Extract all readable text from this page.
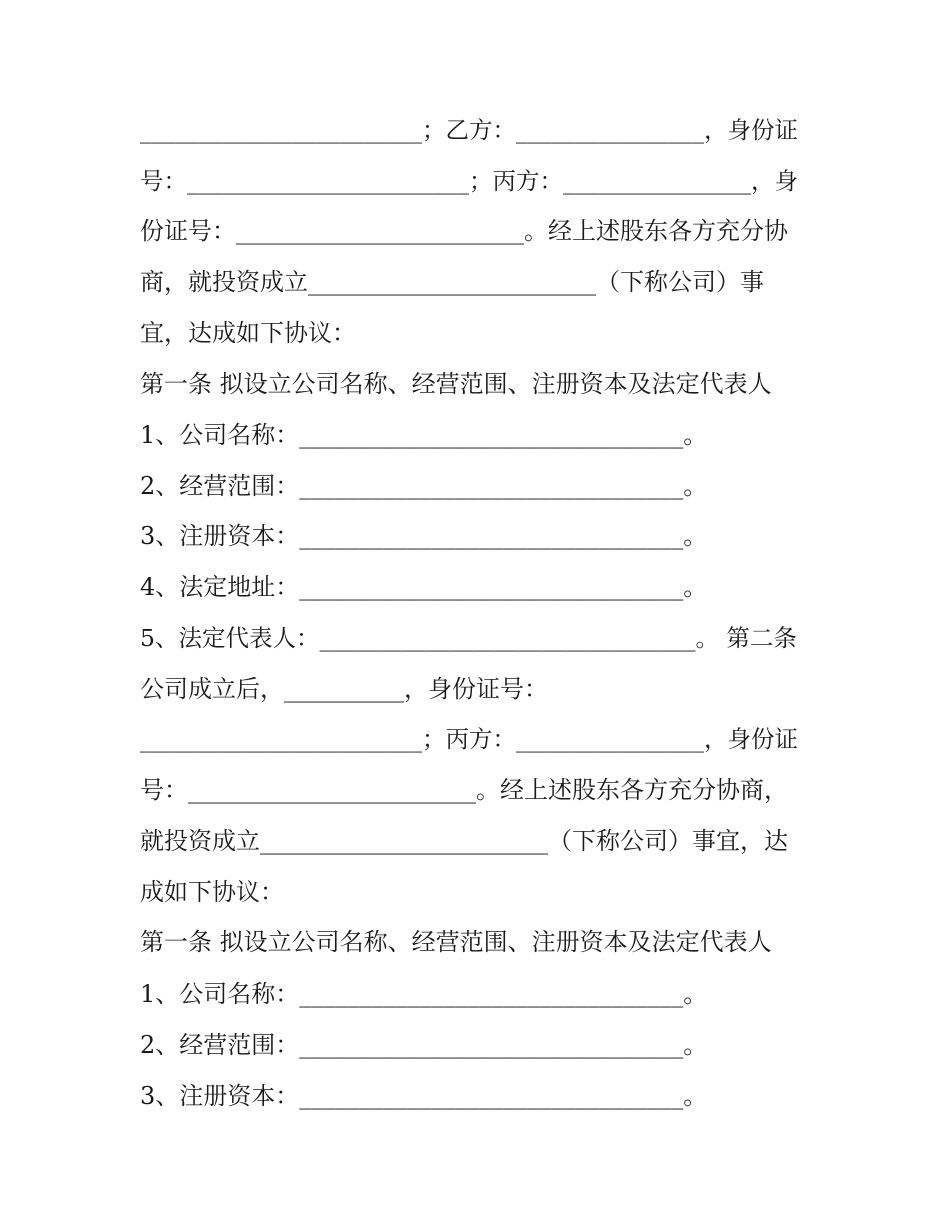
________________________；乙方：________________，身份证
号：________________________；丙方：________________，身
份证号：________________________。经上述股东各方充分协
商，就投资成立________________________（下称公司）事
宜，达成如下协议：
第一条 拟设立公司名称、经营范围、注册资本及法定代表人
1、公司名称：________________________________。
2、经营范围：________________________________。
3、注册资本：________________________________。
4、法定地址：________________________________。
5、法定代表人：________________________________。 第二条
公司成立后，__________，身份证号：
________________________；丙方：________________，身份证
号：________________________。经上述股东各方充分协商，
就投资成立________________________（下称公司）事宜，达
成如下协议：
第一条 拟设立公司名称、经营范围、注册资本及法定代表人
1、公司名称：________________________________。
2、经营范围：________________________________。
3、注册资本：________________________________。
